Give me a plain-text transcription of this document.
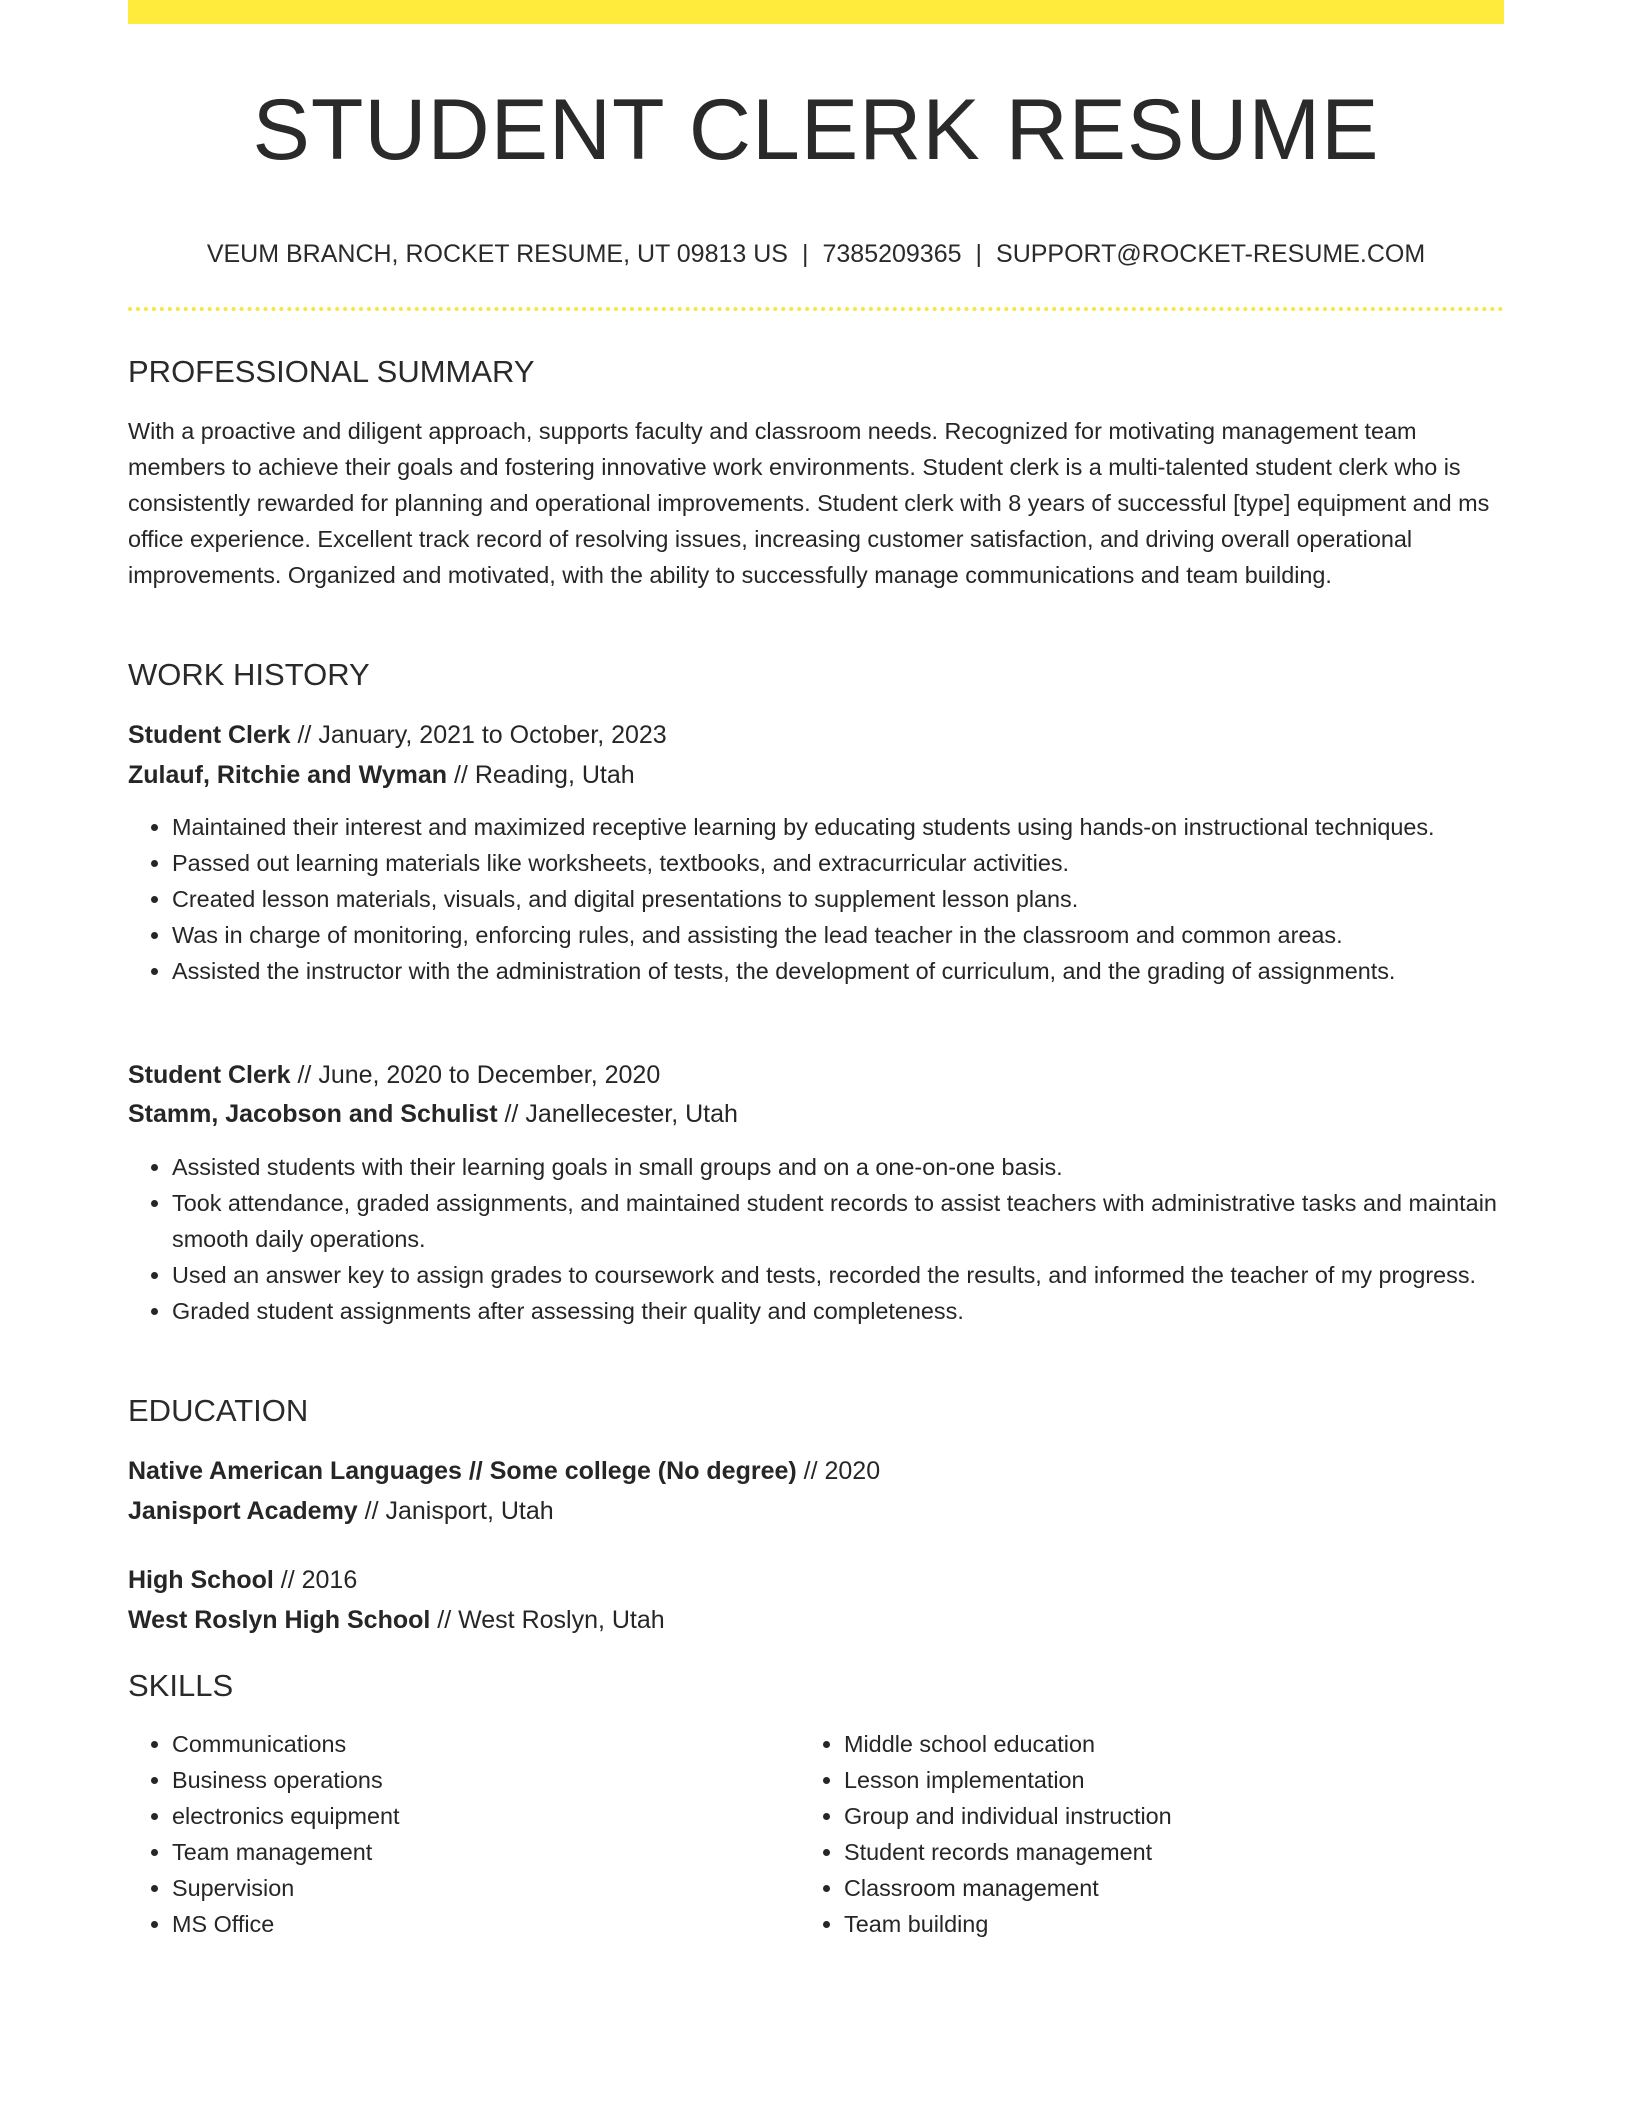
STUDENT CLERK RESUME
VEUM BRANCH, ROCKET RESUME, UT 09813 US | 7385209365 | SUPPORT@ROCKET-RESUME.COM
PROFESSIONAL SUMMARY

With a proactive and diligent approach, supports faculty and classroom needs. Recognized for motivating management team members to achieve their goals and fostering innovative work environments. Student clerk is a multi-talented student clerk who is consistently rewarded for planning and operational improvements. Student clerk with 8 years of successful [type] equipment and ms office experience. Excellent track record of resolving issues, increasing customer satisfaction, and driving overall operational improvements. Organized and motivated, with the ability to successfully manage communications and team building.

WORK HISTORY
Student Clerk // January, 2021 to October, 2023
Zulauf, Ritchie and Wyman // Reading, Utah
• Maintained their interest and maximized receptive learning by educating students using hands-on instructional techniques.
• Passed out learning materials like worksheets, textbooks, and extracurricular activities.
• Created lesson materials, visuals, and digital presentations to supplement lesson plans.
• Was in charge of monitoring, enforcing rules, and assisting the lead teacher in the classroom and common areas.
• Assisted the instructor with the administration of tests, the development of curriculum, and the grading of assignments.
Student Clerk // June, 2020 to December, 2020
Stamm, Jacobson and Schulist // Janellecester, Utah
• Assisted students with their learning goals in small groups and on a one-on-one basis.
• Took attendance, graded assignments, and maintained student records to assist teachers with administrative tasks and maintain smooth daily operations.
• Used an answer key to assign grades to coursework and tests, recorded the results, and informed the teacher of my progress.
• Graded student assignments after assessing their quality and completeness.
EDUCATION
Native American Languages // Some college (No degree) // 2020
Janisport Academy // Janisport, Utah
High School // 2016
West Roslyn High School // West Roslyn, Utah
SKILLS
• Communications
• Business operations
• electronics equipment
• Team management
• Supervision
• MS Office
• Middle school education
• Lesson implementation
• Group and individual instruction
• Student records management
• Classroom management
• Team building
